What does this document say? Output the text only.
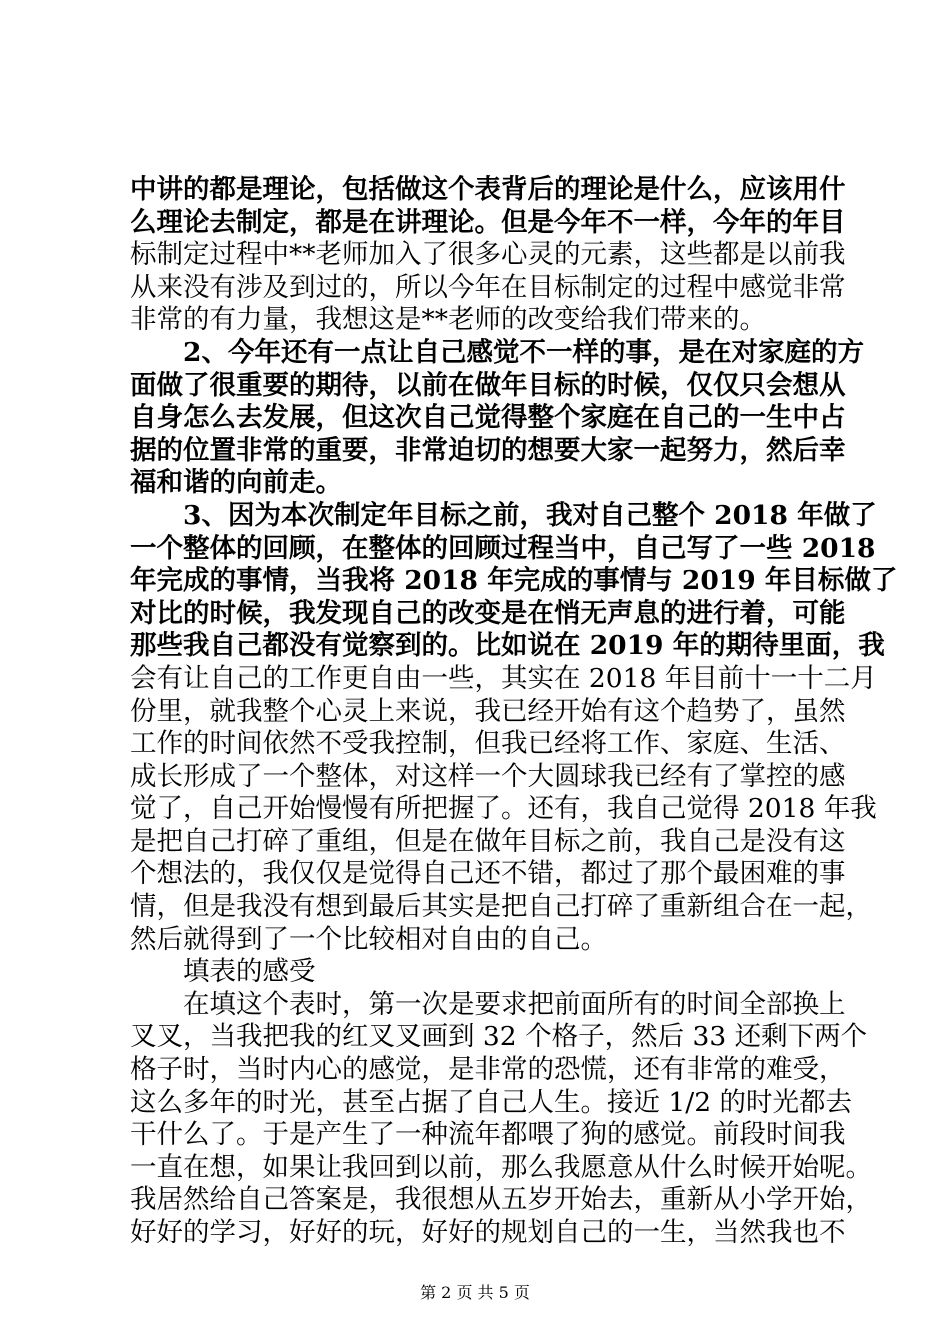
中讲的都是理论，包括做这个表背后的理论是什么，应该用什
么理论去制定，都是在讲理论。但是今年不一样，今年的年目
标制定过程中**老师加入了很多心灵的元素，这些都是以前我
从来没有涉及到过的，所以今年在目标制定的过程中感觉非常
非常的有力量，我想这是**老师的改变给我们带来的。
2、今年还有一点让自己感觉不一样的事，是在对家庭的方
面做了很重要的期待，以前在做年目标的时候，仅仅只会想从
自身怎么去发展，但这次自己觉得整个家庭在自己的一生中占
据的位置非常的重要，非常迫切的想要大家一起努力，然后幸
福和谐的向前走。
3、因为本次制定年目标之前，我对自己整个 2018 年做了
一个整体的回顾，在整体的回顾过程当中，自己写了一些 2018
年完成的事情，当我将 2018 年完成的事情与 2019 年目标做了
对比的时候，我发现自己的改变是在悄无声息的进行着，可能
那些我自己都没有觉察到的。比如说在 2019 年的期待里面，我
会有让自己的工作更自由一些，其实在 2018 年目前十一十二月
份里，就我整个心灵上来说，我已经开始有这个趋势了，虽然
工作的时间依然不受我控制，但我已经将工作、家庭、生活、
成长形成了一个整体，对这样一个大圆球我已经有了掌控的感
觉了，自己开始慢慢有所把握了。还有，我自己觉得 2018 年我
是把自己打碎了重组，但是在做年目标之前，我自己是没有这
个想法的，我仅仅是觉得自己还不错，都过了那个最困难的事
情，但是我没有想到最后其实是把自己打碎了重新组合在一起，
然后就得到了一个比较相对自由的自己。
填表的感受
在填这个表时，第一次是要求把前面所有的时间全部换上
叉叉，当我把我的红叉叉画到 32 个格子，然后 33 还剩下两个
格子时，当时内心的感觉，是非常的恐慌，还有非常的难受，
这么多年的时光，甚至占据了自己人生。接近 1/2 的时光都去
干什么了。于是产生了一种流年都喂了狗的感觉。前段时间我
一直在想，如果让我回到以前，那么我愿意从什么时候开始呢。
我居然给自己答案是，我很想从五岁开始去，重新从小学开始，
好好的学习，好好的玩，好好的规划自己的一生，当然我也不
第 2 页 共 5 页
